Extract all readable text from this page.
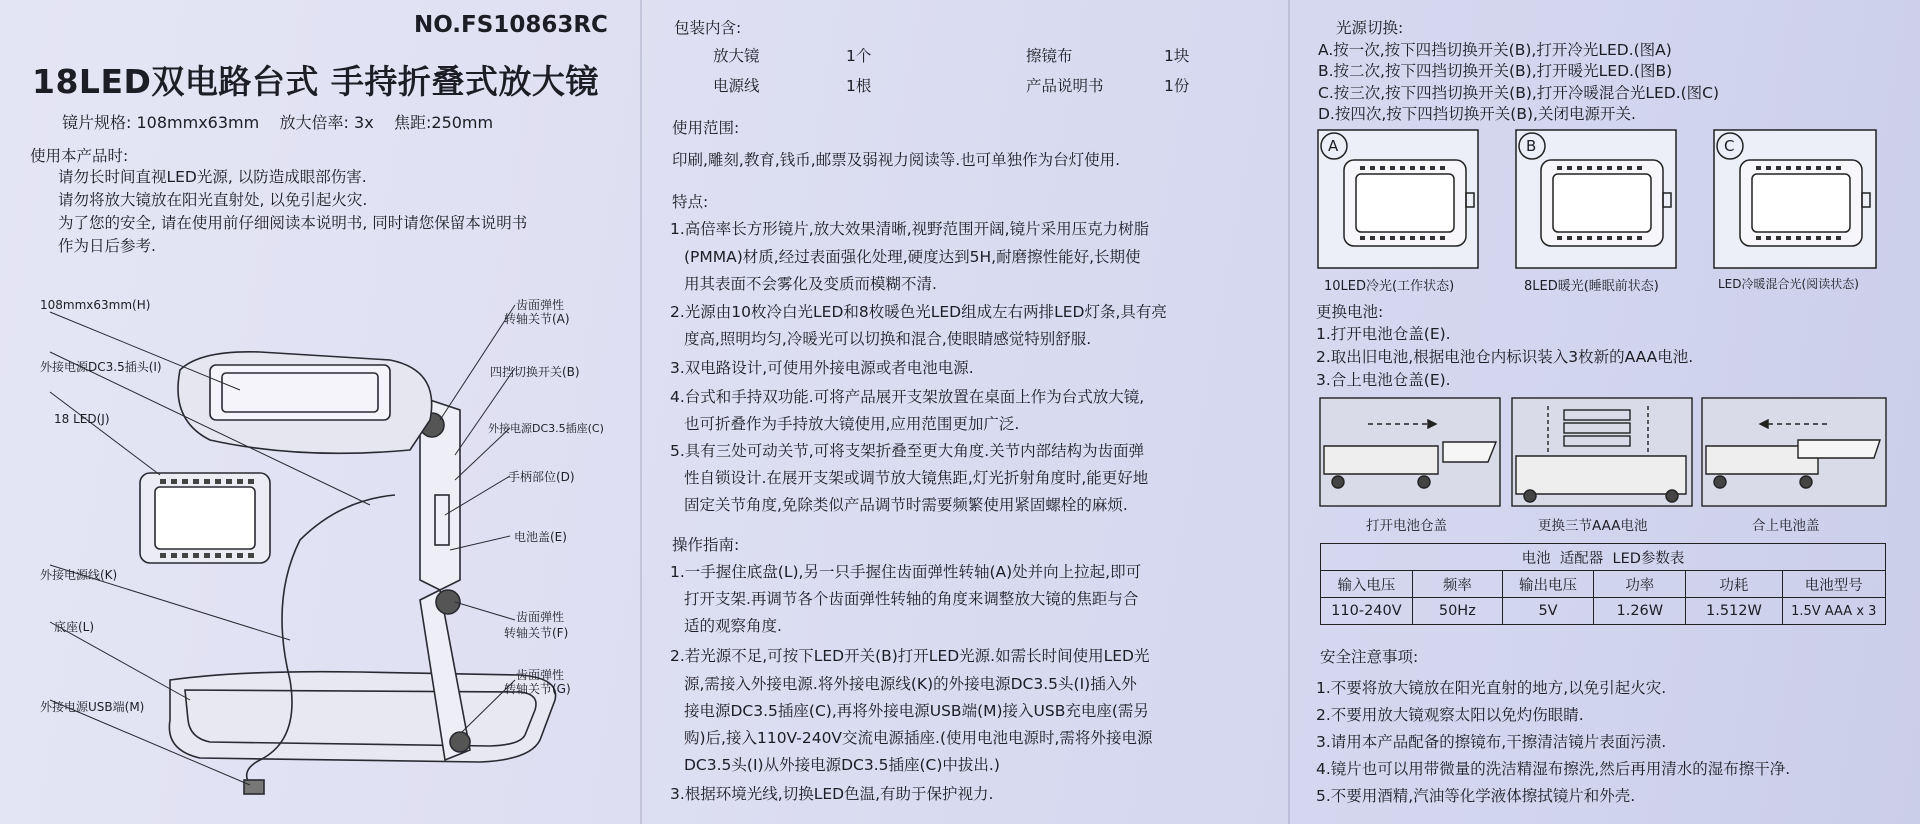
NO.FS10863RC
18LED双电路台式 手持折叠式放大镜
镜片规格: 108mmx63mm    放大倍率: 3x    焦距:250mm
使用本产品时:
请勿长时间直视LED光源, 以防造成眼部伤害.
请勿将放大镜放在阳光直射处, 以免引起火灾.
为了您的安全, 请在使用前仔细阅读本说明书, 同时请您保留本说明书
作为日后参考.
108mmx63mm(H)
外接电源DC3.5插头(I)
18 LED(J)
外接电源线(K)
底座(L)
外接电源USB端(M)
齿面弹性
转轴关节(A)
四挡切换开关(B)
外接电源DC3.5插座(C)
手柄部位(D)
电池盖(E)
齿面弹性
转轴关节(F)
齿面弹性
转轴关节(G)
包装内含:
放大镜	1个	擦镜布	1块
电源线	1根	产品说明书	1份
使用范围:
印刷,雕刻,教育,钱币,邮票及弱视力阅读等.也可单独作为台灯使用.
特点:
1.高倍率长方形镜片,放大效果清晰,视野范围开阔,镜片采用压克力树脂
(PMMA)材质,经过表面强化处理,硬度达到5H,耐磨擦性能好,长期使
用其表面不会雾化及变质而模糊不清.
2.光源由10枚冷白光LED和8枚暖色光LED组成左右两排LED灯条,具有亮
度高,照明均匀,冷暖光可以切换和混合,使眼睛感觉特别舒服.
3.双电路设计,可使用外接电源或者电池电源.
4.台式和手持双功能.可将产品展开支架放置在桌面上作为台式放大镜,
也可折叠作为手持放大镜使用,应用范围更加广泛.
5.具有三处可动关节,可将支架折叠至更大角度.关节内部结构为齿面弹
性自锁设计.在展开支架或调节放大镜焦距,灯光折射角度时,能更好地
固定关节角度,免除类似产品调节时需要频繁使用紧固螺栓的麻烦.
操作指南:
1.一手握住底盘(L),另一只手握住齿面弹性转轴(A)处并向上拉起,即可
打开支架.再调节各个齿面弹性转轴的角度来调整放大镜的焦距与合
适的观察角度.
2.若光源不足,可按下LED开关(B)打开LED光源.如需长时间使用LED光
源,需接入外接电源.将外接电源线(K)的外接电源DC3.5头(I)插入外
接电源DC3.5插座(C),再将外接电源USB端(M)接入USB充电座(需另
购)后,接入110V-240V交流电源插座.(使用电池电源时,需将外接电源
DC3.5头(I)从外接电源DC3.5插座(C)中拔出.)
3.根据环境光线,切换LED色温,有助于保护视力.
光源切换:
A.按一次,按下四挡切换开关(B),打开冷光LED.(图A)
B.按二次,按下四挡切换开关(B),打开暖光LED.(图B)
C.按三次,按下四挡切换开关(B),打开冷暖混合光LED.(图C)
D.按四次,按下四挡切换开关(B),关闭电源开关.
A	B	C
10LED冷光(工作状态)	8LED暖光(睡眠前状态)	LED冷暖混合光(阅读状态)
更换电池:
1.打开电池仓盖(E).
2.取出旧电池,根据电池仓内标识装入3枚新的AAA电池.
3.合上电池仓盖(E).
打开电池仓盖	更换三节AAA电池	合上电池盖
电池  适配器  LED参数表					
输入电压	频率	输出电压	功率	功耗	电池型号
110-240V	50Hz	5V	1.26W	1.512W	1.5V AAA x 3
安全注意事项:
1.不要将放大镜放在阳光直射的地方,以免引起火灾.
2.不要用放大镜观察太阳以免灼伤眼睛.
3.请用本产品配备的擦镜布,干擦清洁镜片表面污渍.
4.镜片也可以用带微量的洗洁精湿布擦洗,然后再用清水的湿布擦干净.
5.不要用酒精,汽油等化学液体擦拭镜片和外壳.
